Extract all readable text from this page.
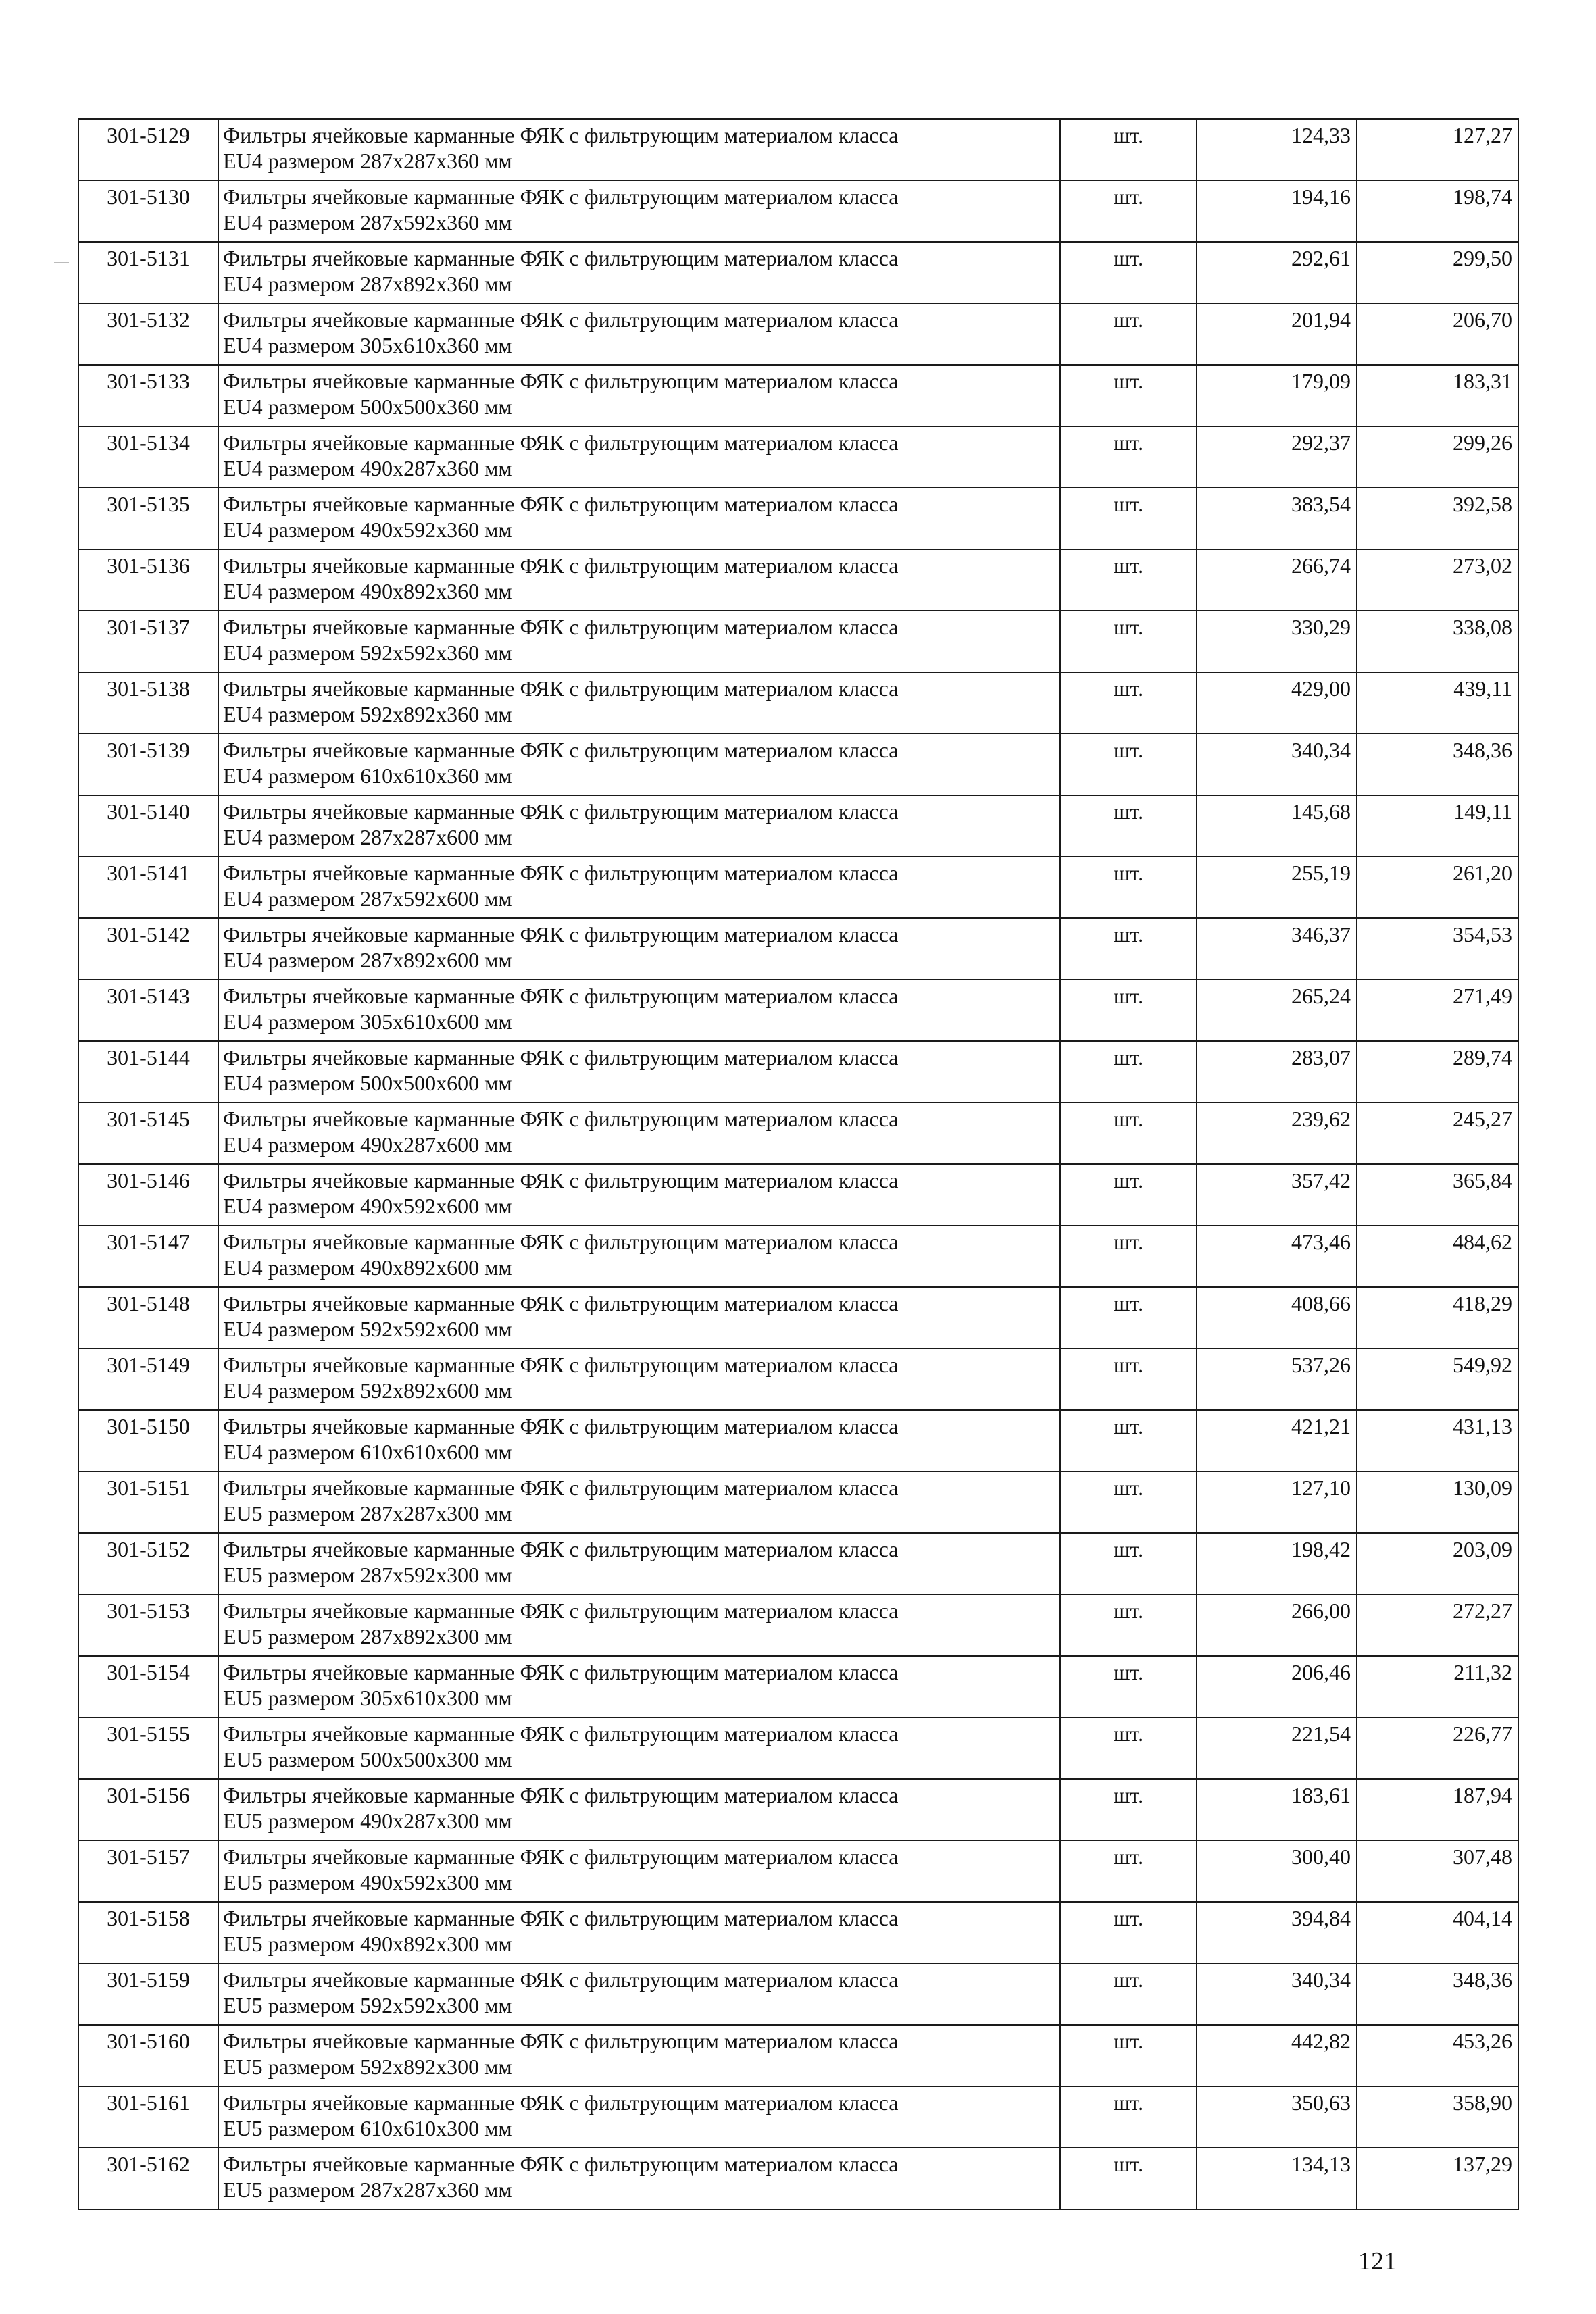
301-5129	Фильтры ячейковые карманные ФЯК с фильтрующим материалом класса
EU4 размером 287х287х360 мм	шт.	124,33	127,27
301-5130	Фильтры ячейковые карманные ФЯК с фильтрующим материалом класса
EU4 размером 287х592х360 мм	шт.	194,16	198,74
301-5131	Фильтры ячейковые карманные ФЯК с фильтрующим материалом класса
EU4 размером 287х892х360 мм	шт.	292,61	299,50
301-5132	Фильтры ячейковые карманные ФЯК с фильтрующим материалом класса
EU4 размером 305х610х360 мм	шт.	201,94	206,70
301-5133	Фильтры ячейковые карманные ФЯК с фильтрующим материалом класса
EU4 размером 500х500х360 мм	шт.	179,09	183,31
301-5134	Фильтры ячейковые карманные ФЯК с фильтрующим материалом класса
EU4 размером 490х287х360 мм	шт.	292,37	299,26
301-5135	Фильтры ячейковые карманные ФЯК с фильтрующим материалом класса
EU4 размером 490х592х360 мм	шт.	383,54	392,58
301-5136	Фильтры ячейковые карманные ФЯК с фильтрующим материалом класса
EU4 размером 490х892х360 мм	шт.	266,74	273,02
301-5137	Фильтры ячейковые карманные ФЯК с фильтрующим материалом класса
EU4 размером 592х592х360 мм	шт.	330,29	338,08
301-5138	Фильтры ячейковые карманные ФЯК с фильтрующим материалом класса
EU4 размером 592х892х360 мм	шт.	429,00	439,11
301-5139	Фильтры ячейковые карманные ФЯК с фильтрующим материалом класса
EU4 размером 610х610х360 мм	шт.	340,34	348,36
301-5140	Фильтры ячейковые карманные ФЯК с фильтрующим материалом класса
EU4 размером 287х287х600 мм	шт.	145,68	149,11
301-5141	Фильтры ячейковые карманные ФЯК с фильтрующим материалом класса
EU4 размером 287х592х600 мм	шт.	255,19	261,20
301-5142	Фильтры ячейковые карманные ФЯК с фильтрующим материалом класса
EU4 размером 287х892х600 мм	шт.	346,37	354,53
301-5143	Фильтры ячейковые карманные ФЯК с фильтрующим материалом класса
EU4 размером 305х610х600 мм	шт.	265,24	271,49
301-5144	Фильтры ячейковые карманные ФЯК с фильтрующим материалом класса
EU4 размером 500х500х600 мм	шт.	283,07	289,74
301-5145	Фильтры ячейковые карманные ФЯК с фильтрующим материалом класса
EU4 размером 490х287х600 мм	шт.	239,62	245,27
301-5146	Фильтры ячейковые карманные ФЯК с фильтрующим материалом класса
EU4 размером 490х592х600 мм	шт.	357,42	365,84
301-5147	Фильтры ячейковые карманные ФЯК с фильтрующим материалом класса
EU4 размером 490х892х600 мм	шт.	473,46	484,62
301-5148	Фильтры ячейковые карманные ФЯК с фильтрующим материалом класса
EU4 размером 592х592х600 мм	шт.	408,66	418,29
301-5149	Фильтры ячейковые карманные ФЯК с фильтрующим материалом класса
EU4 размером 592х892х600 мм	шт.	537,26	549,92
301-5150	Фильтры ячейковые карманные ФЯК с фильтрующим материалом класса
EU4 размером 610х610х600 мм	шт.	421,21	431,13
301-5151	Фильтры ячейковые карманные ФЯК с фильтрующим материалом класса
EU5 размером 287х287х300 мм	шт.	127,10	130,09
301-5152	Фильтры ячейковые карманные ФЯК с фильтрующим материалом класса
EU5 размером 287х592х300 мм	шт.	198,42	203,09
301-5153	Фильтры ячейковые карманные ФЯК с фильтрующим материалом класса
EU5 размером 287х892х300 мм	шт.	266,00	272,27
301-5154	Фильтры ячейковые карманные ФЯК с фильтрующим материалом класса
EU5 размером 305х610х300 мм	шт.	206,46	211,32
301-5155	Фильтры ячейковые карманные ФЯК с фильтрующим материалом класса
EU5 размером 500х500х300 мм	шт.	221,54	226,77
301-5156	Фильтры ячейковые карманные ФЯК с фильтрующим материалом класса
EU5 размером 490х287х300 мм	шт.	183,61	187,94
301-5157	Фильтры ячейковые карманные ФЯК с фильтрующим материалом класса
EU5 размером 490х592х300 мм	шт.	300,40	307,48
301-5158	Фильтры ячейковые карманные ФЯК с фильтрующим материалом класса
EU5 размером 490х892х300 мм	шт.	394,84	404,14
301-5159	Фильтры ячейковые карманные ФЯК с фильтрующим материалом класса
EU5 размером 592х592х300 мм	шт.	340,34	348,36
301-5160	Фильтры ячейковые карманные ФЯК с фильтрующим материалом класса
EU5 размером 592х892х300 мм	шт.	442,82	453,26
301-5161	Фильтры ячейковые карманные ФЯК с фильтрующим материалом класса
EU5 размером 610х610х300 мм	шт.	350,63	358,90
301-5162	Фильтры ячейковые карманные ФЯК с фильтрующим материалом класса
EU5 размером 287х287х360 мм	шт.	134,13	137,29
121
